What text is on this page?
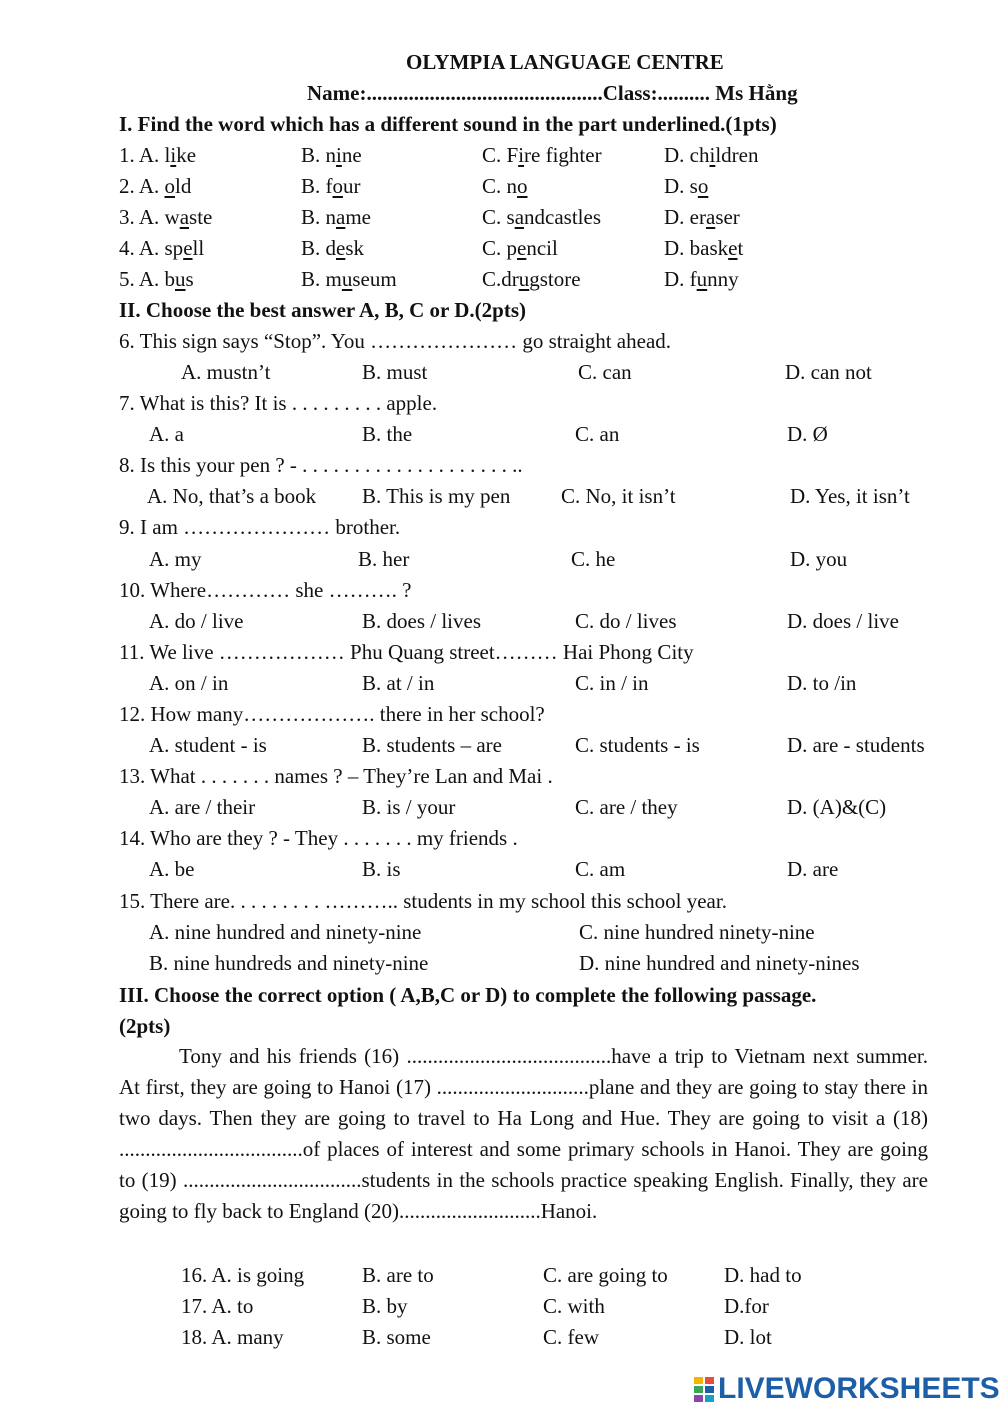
OLYMPIA LANGUAGE CENTRE
Name:.............................................Class:.......... Ms Hằng
I. Find the word which has a different sound in the part underlined.(1pts)
1. A. like	B. nine	C. Fire fighter	D. children
2. A. old	B. four	C. no	D. so
3. A. waste	B. name	C. sandcastles	D. eraser
4. A. spell	B. desk	C. pencil	D. basket
5. A. bus	B. museum	C.drugstore	D. funny
II. Choose the best answer A, B, C or D.(2pts)
6. This sign says “Stop”. You ………………… go straight ahead.
A. mustn’t	B. must	C. can	D. can not
7. What is this? It is . . . . . . . . . apple.
A. a	B. the	C. an	D. Ø
8. Is this your pen ? - . . . . . . . . . . . . . . . . . . . . ..
A. No, that’s a book B. This is my pen C. No, it isn’t	D. Yes, it isn’t
9. I am ………………… brother.
A. my	B. her	C. he	D. you
10. Where………… she ………. ?
A. do / live	B. does / lives	C. do / lives	D. does / live
11. We live ……………… Phu Quang street……… Hai Phong City
A. on / in	B. at / in	C. in / in	D. to /in
12. How many………………. there in her school?
A. student - is	B. students – are	C. students - is	D. are - students
13. What . . . . . . . names ? – They’re Lan and Mai .
A. are / their	B. is / your	C. are / they	D. (A)&(C)
14. Who are they ? - They . . . . . . . my friends .
A. be	B. is	C. am	D. are
15. There are. . . . . . . . . ……….. students in my school this school year.
A. nine hundred and ninety-nine	C. nine hundred ninety-nine
B. nine hundreds and ninety-nine	D. nine hundred and ninety-nines
III. Choose the correct option ( A,B,C or D) to complete the following passage.
(2pts)
Tony and his friends (16) .......................................have a trip to Vietnam next summer. At first, they are going to Hanoi (17) .............................plane and they are going to stay there in two days. Then they are going to travel to Ha Long and Hue. They are going to visit a (18) ...................................of places of interest and some primary schools in Hanoi. They are going to (19) ..................................students in the schools practice speaking English. Finally, they are going to fly back to England (20)...........................Hanoi.
16. A. is going	B. are to	C. are going to	D. had to
17. A. to	B. by	C. with	D.for
18. A. many	B. some	C. few	D. lot
LIVEWORKSHEETS
